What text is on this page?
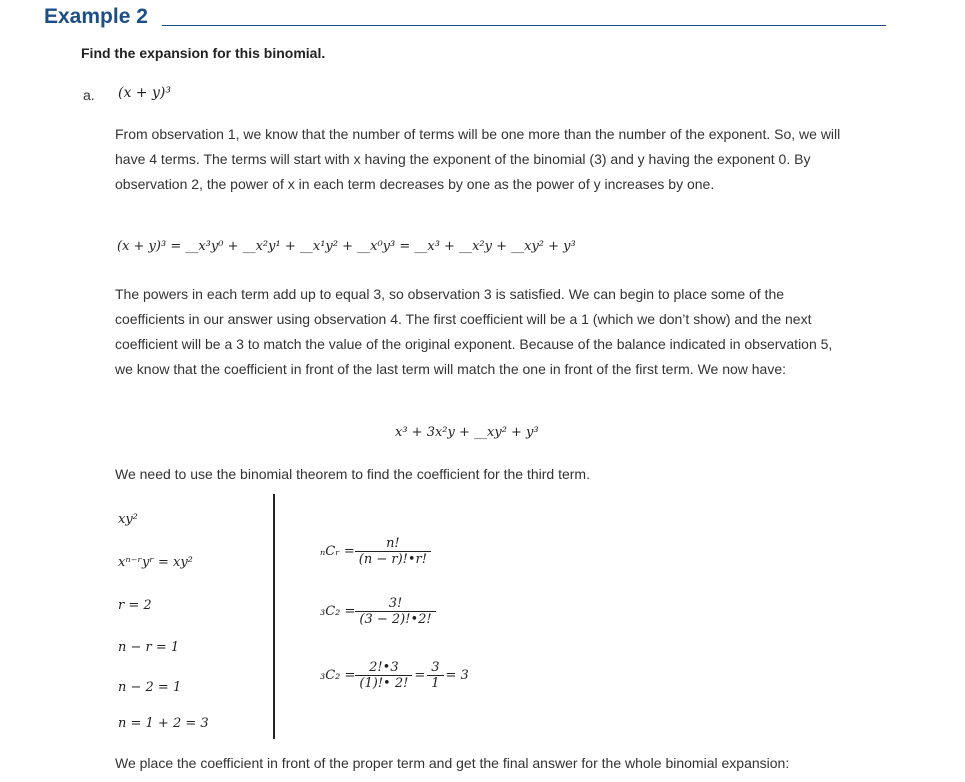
Example 2
Find the expansion for this binomial.
a. (x + y)³
From observation 1, we know that the number of terms will be one more than the number of the exponent. So, we will have 4 terms. The terms will start with x having the exponent of the binomial (3) and y having the exponent 0. By observation 2, the power of x in each term decreases by one as the power of y increases by one.
(x + y)³ = __x³y⁰ + __x²y¹ + __x¹y² + __x⁰y³ = __x³ + __x²y + __xy² + y³
The powers in each term add up to equal 3, so observation 3 is satisfied. We can begin to place some of the coefficients in our answer using observation 4. The first coefficient will be a 1 (which we don’t show) and the next coefficient will be a 3 to match the value of the original exponent. Because of the balance indicated in observation 5, we know that the coefficient in front of the last term will match the one in front of the first term. We now have:
x³ + 3x²y + __xy² + y³
We need to use the binomial theorem to find the coefficient for the third term.
xy²
xⁿ⁻ʳyʳ = xy²
r = 2
n − r = 1
n − 2 = 1
n = 1 + 2 = 3
ₙCᵣ = $\frac{n!}{(n - r)!•r!}$
$_3C_2 = \frac{3!}{(3 - 2)!•2!}$
$_3C_2 = \frac{2!•3}{(1)!• 2!} = \frac{3}{1} = 3$
We place the coefficient in front of the proper term and get the final answer for the whole binomial expansion:
